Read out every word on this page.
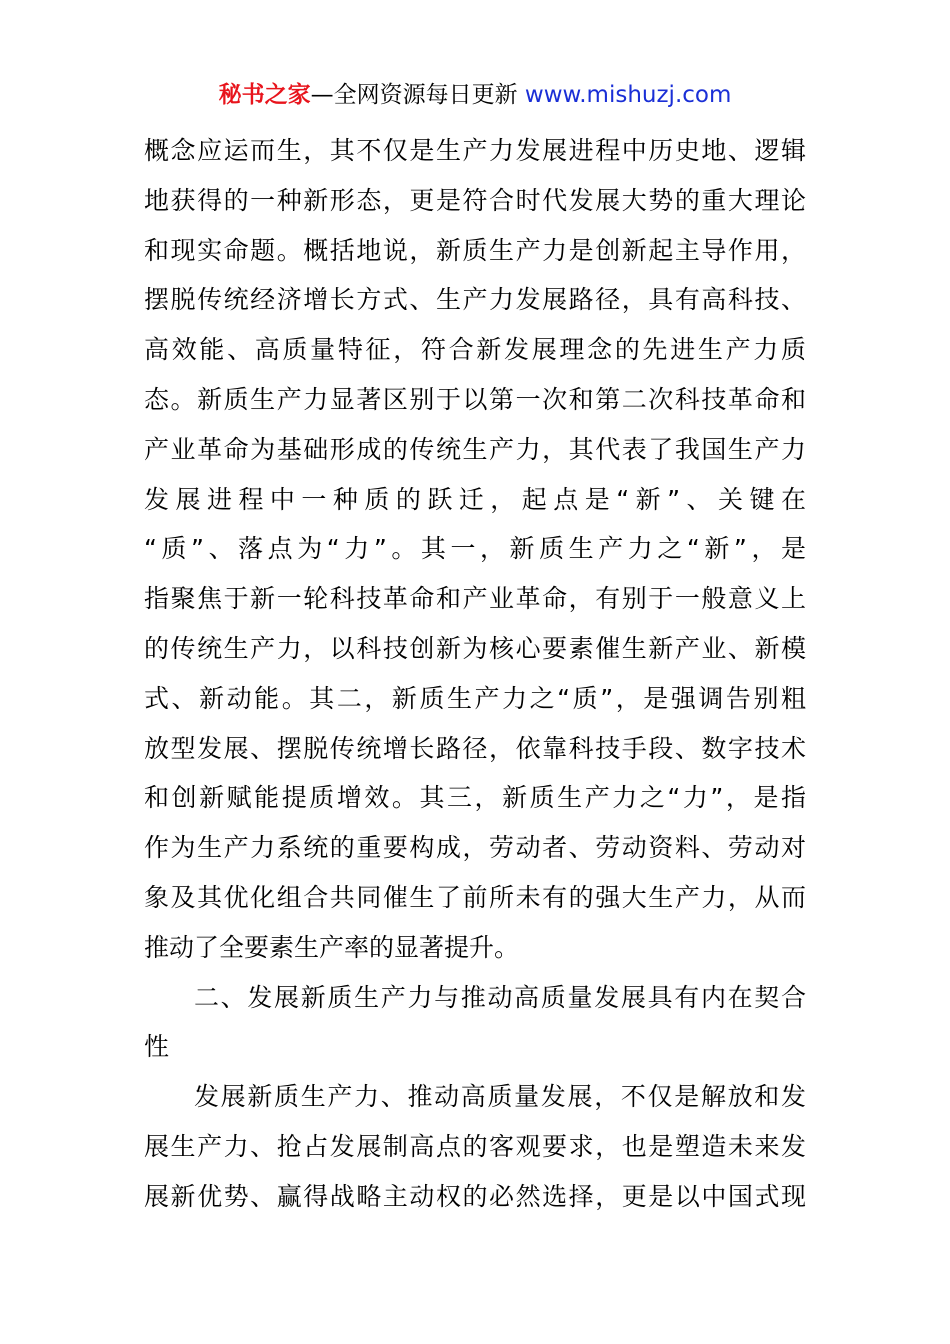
秘书之家—全网资源每日更新 www.mishuzj.com
概念应运而生，其不仅是生产力发展进程中历史地、逻辑
地获得的一种新形态，更是符合时代发展大势的重大理论
和现实命题。概括地说，新质生产力是创新起主导作用，
摆脱传统经济增长方式、生产力发展路径，具有高科技、
高效能、高质量特征，符合新发展理念的先进生产力质
态。新质生产力显著区别于以第一次和第二次科技革命和
产业革命为基础形成的传统生产力，其代表了我国生产力
发展进程中一种质的跃迁，起点是“新”、关键在
“质”、落点为“力”。其一，新质生产力之“新”，是
指聚焦于新一轮科技革命和产业革命，有别于一般意义上
的传统生产力，以科技创新为核心要素催生新产业、新模
式、新动能。其二，新质生产力之“质”，是强调告别粗
放型发展、摆脱传统增长路径，依靠科技手段、数字技术
和创新赋能提质增效。其三，新质生产力之“力”，是指
作为生产力系统的重要构成，劳动者、劳动资料、劳动对
象及其优化组合共同催生了前所未有的强大生产力，从而
推动了全要素生产率的显著提升。
二、发展新质生产力与推动高质量发展具有内在契合
性
发展新质生产力、推动高质量发展，不仅是解放和发
展生产力、抢占发展制高点的客观要求，也是塑造未来发
展新优势、赢得战略主动权的必然选择，更是以中国式现
